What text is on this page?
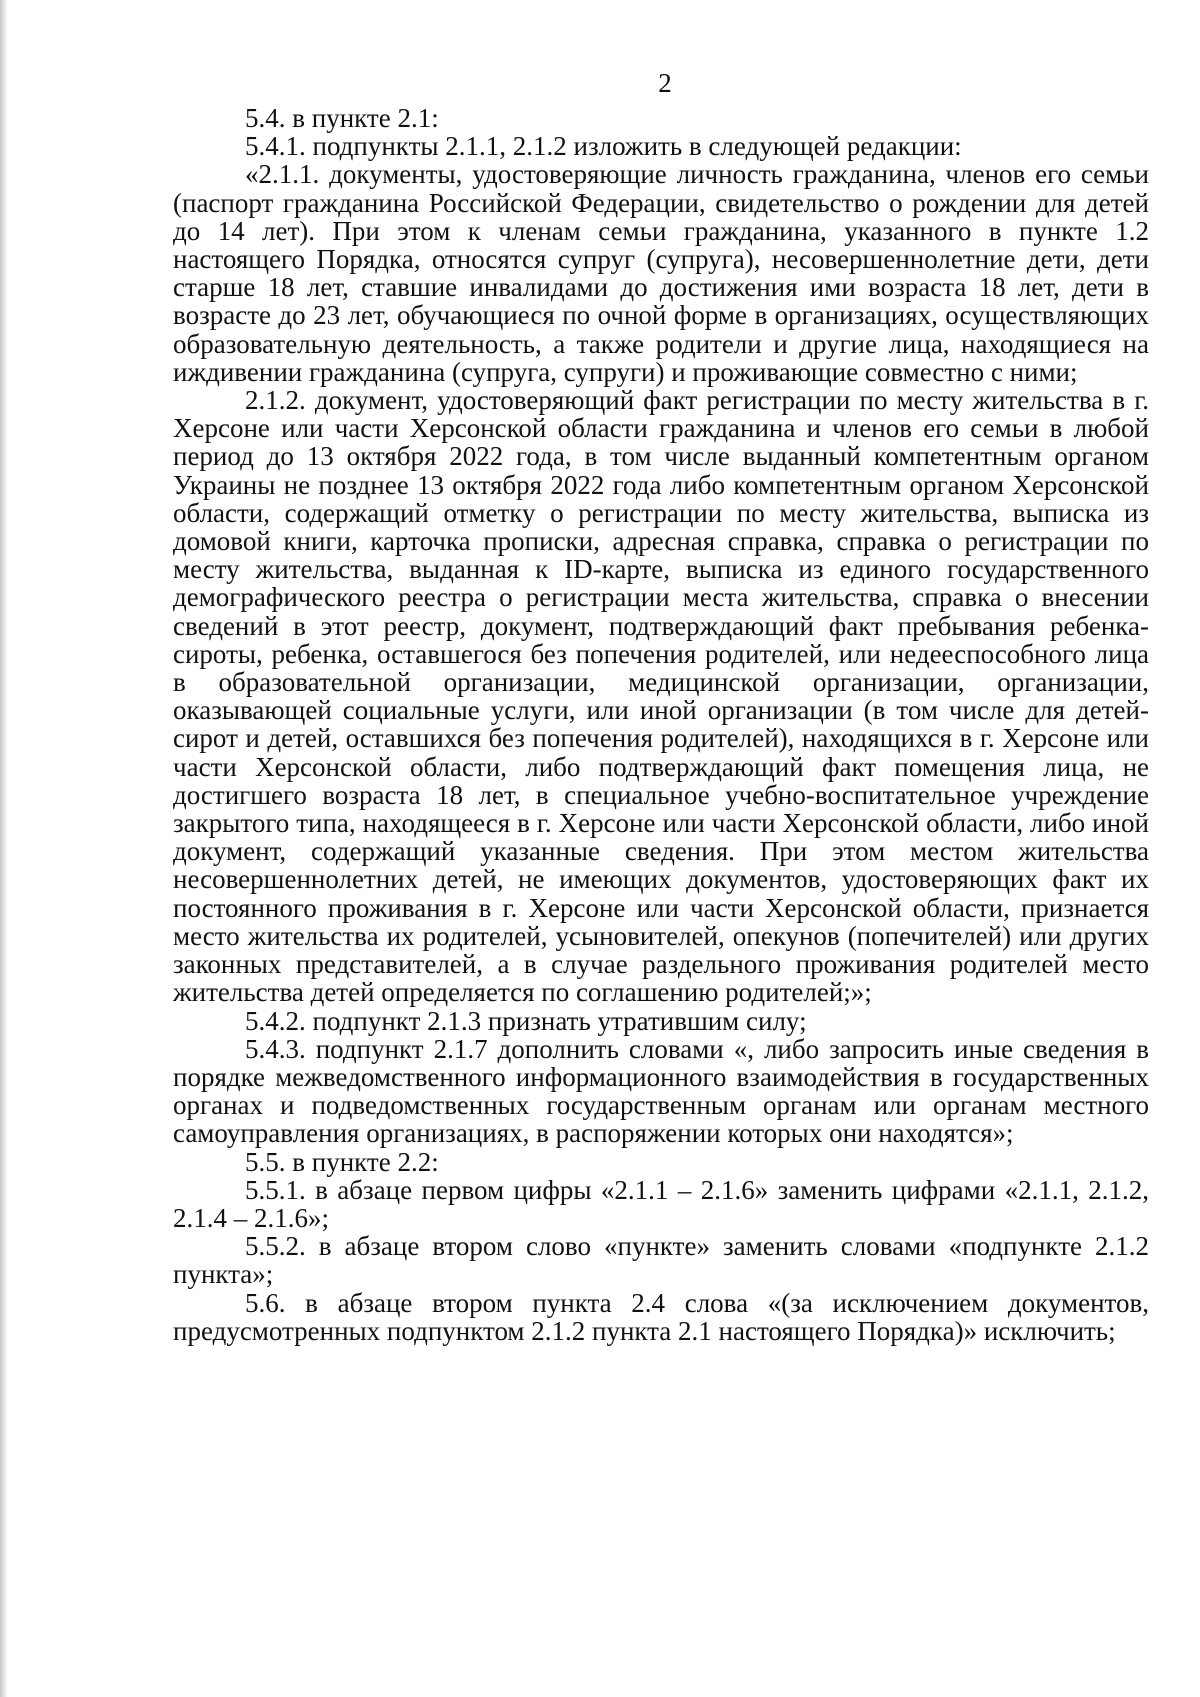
2

5.4. в пункте 2.1:

5.4.1. подпункты 2.1.1, 2.1.2 изложить в следующей редакции:

«2.1.1. документы, удостоверяющие личность гражданина, членов его семьи (паспорт гражданина Российской Федерации, свидетельство о рождении для детей до 14 лет). При этом к членам семьи гражданина, указанного в пункте 1.2 настоящего Порядка, относятся супруг (супруга), несовершеннолетние дети, дети старше 18 лет, ставшие инвалидами до достижения ими возраста 18 лет, дети в возрасте до 23 лет, обучающиеся по очной форме в организациях, осуществляющих образовательную деятельность, а также родители и другие лица, находящиеся на иждивении гражданина (супруга, супруги) и проживающие совместно с ними;

2.1.2. документ, удостоверяющий факт регистрации по месту жительства в г. Херсоне или части Херсонской области гражданина и членов его семьи в любой период до 13 октября 2022 года, в том числе выданный компетентным органом Украины не позднее 13 октября 2022 года либо компетентным органом Херсонской области, содержащий отметку о регистрации по месту жительства, выписка из домовой книги, карточка прописки, адресная справка, справка о регистрации по месту жительства, выданная к ID-карте, выписка из единого государственного демографического реестра о регистрации места жительства, справка о внесении сведений в этот реестр, документ, подтверждающий факт пребывания ребенка-сироты, ребенка, оставшегося без попечения родителей, или недееспособного лица в образовательной организации, медицинской организации, организации, оказывающей социальные услуги, или иной организации (в том числе для детей-сирот и детей, оставшихся без попечения родителей), находящихся в г. Херсоне или части Херсонской области, либо подтверждающий факт помещения лица, не достигшего возраста 18 лет, в специальное учебно-воспитательное учреждение закрытого типа, находящееся в г. Херсоне или части Херсонской области, либо иной документ, содержащий указанные сведения. При этом местом жительства несовершеннолетних детей, не имеющих документов, удостоверяющих факт их постоянного проживания в г. Херсоне или части Херсонской области, признается место жительства их родителей, усыновителей, опекунов (попечителей) или других законных представителей, а в случае раздельного проживания родителей место жительства детей определяется по соглашению родителей;»;

5.4.2. подпункт 2.1.3 признать утратившим силу;

5.4.3. подпункт 2.1.7 дополнить словами «, либо запросить иные сведения в порядке межведомственного информационного взаимодействия в государственных органах и подведомственных государственным органам или органам местного самоуправления организациях, в распоряжении которых они находятся»;

5.5. в пункте 2.2:

5.5.1. в абзаце первом цифры «2.1.1 – 2.1.6» заменить цифрами «2.1.1, 2.1.2, 2.1.4 – 2.1.6»;

5.5.2. в абзаце втором слово «пункте» заменить словами «подпункте 2.1.2 пункта»;

5.6. в абзаце втором пункта 2.4 слова «(за исключением документов, предусмотренных подпунктом 2.1.2 пункта 2.1 настоящего Порядка)» исключить;
